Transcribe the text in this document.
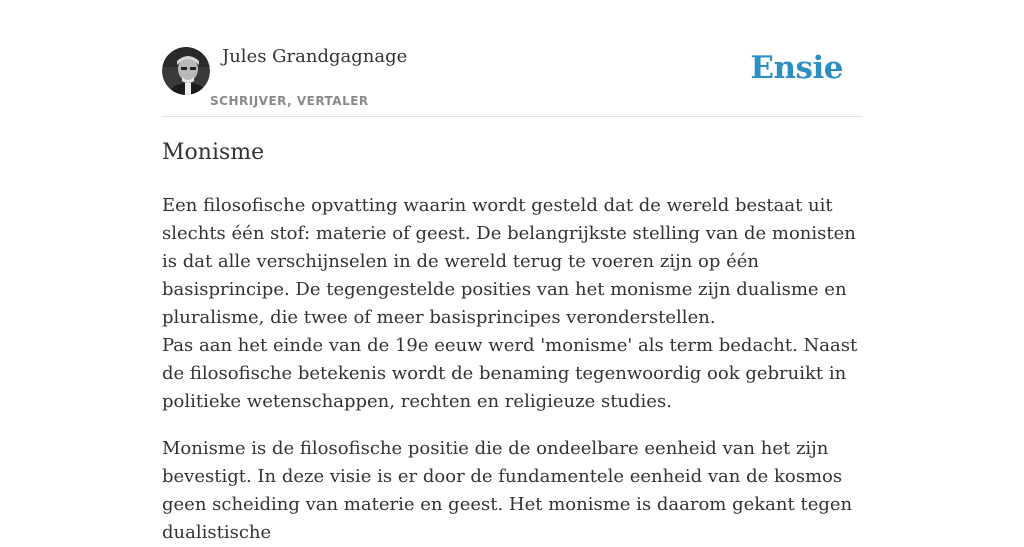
Jules Grandgagnage
SCHRIJVER, VERTALER
Ensie
Monisme

Een filosofische opvatting waarin wordt gesteld dat de wereld bestaat uit slechts één stof: materie of geest. De belangrijkste stelling van de monisten is dat alle verschijnselen in de wereld terug te voeren zijn op één basisprincipe. De tegengestelde posities van het monisme zijn dualisme en pluralisme, die twee of meer basisprincipes veronderstellen.

Pas aan het einde van de 19e eeuw werd 'monisme' als term bedacht. Naast de filosofische betekenis wordt de benaming tegenwoordig ook gebruikt in politieke wetenschappen, rechten en religieuze studies.

Monisme is de filosofische positie die de ondeelbare eenheid van het zijn bevestigt. In deze visie is er door de fundamentele eenheid van de kosmos geen scheiding van materie en geest. Het monisme is daarom gekant tegen dualistische
